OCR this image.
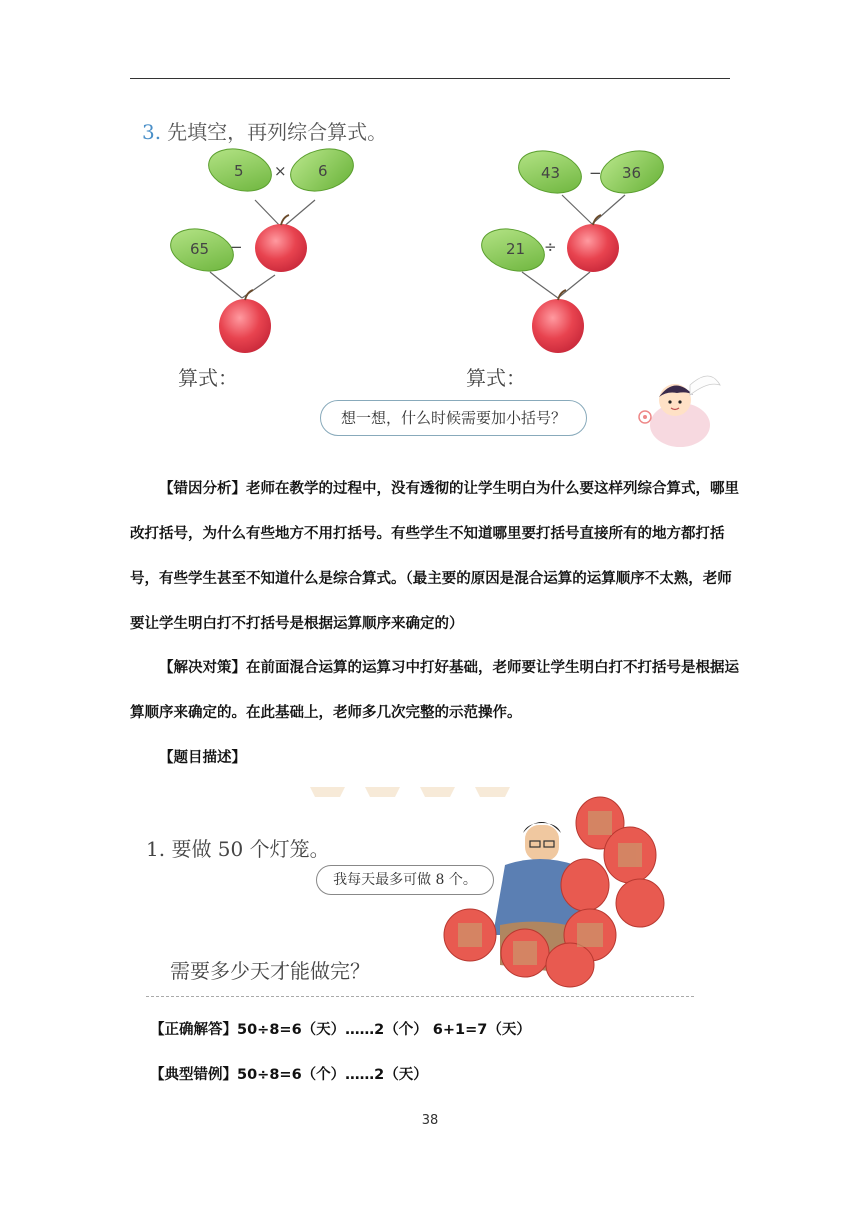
3. 先填空，再列综合算式。
5 × 6
65 −
43 − 36
21 ÷
算式：	算式：
想一想，什么时候需要加小括号？

【错因分析】老师在教学的过程中，没有透彻的让学生明白为什么要这样列综合算式，哪里改打括号，为什么有些地方不用打括号。有些学生不知道哪里要打括号直接所有的地方都打括号，有些学生甚至不知道什么是综合算式。（最主要的原因是混合运算的运算顺序不太熟，老师要让学生明白打不打括号是根据运算顺序来确定的）

【解决对策】在前面混合运算的运算习中打好基础，老师要让学生明白打不打括号是根据运算顺序来确定的。在此基础上，老师多几次完整的示范操作。

【题目描述】

1. 要做 50 个灯笼。
我每天最多可做 8 个。
需要多少天才能做完？
【正确解答】50÷8=6（天）……2（个） 6+1=7（天）
【典型错例】50÷8=6（个）……2（天）
38
